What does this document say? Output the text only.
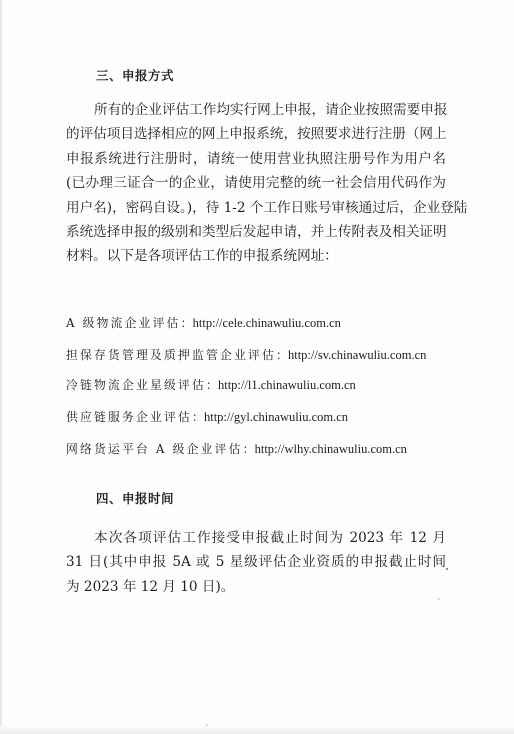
三、申报方式
所有的企业评估工作均实行网上申报，请企业按照需要申报
的评估项目选择相应的网上申报系统，按照要求进行注册（网上
申报系统进行注册时，请统一使用营业执照注册号作为用户名
(已办理三证合一的企业，请使用完整的统一社会信用代码作为
用户名)，密码自设。)，待 1-2 个工作日账号审核通过后，企业登陆
系统选择申报的级别和类型后发起申请，并上传附表及相关证明
材料。以下是各项评估工作的申报系统网址：
A 级物流企业评估：http://cele.chinawuliu.com.cn
担保存货管理及质押监管企业评估：http://sv.chinawuliu.com.cn
冷链物流企业星级评估：http://l1.chinawuliu.com.cn
供应链服务企业评估：http://gyl.chinawuliu.com.cn
网络货运平台 A 级企业评估：http://wlhy.chinawuliu.com.cn
四、申报时间
本次各项评估工作接受申报截止时间为 2023 年 12 月
31 日(其中申报 5A 或 5 星级评估企业资质的申报截止时间
为 2023 年 12 月 10 日)。
